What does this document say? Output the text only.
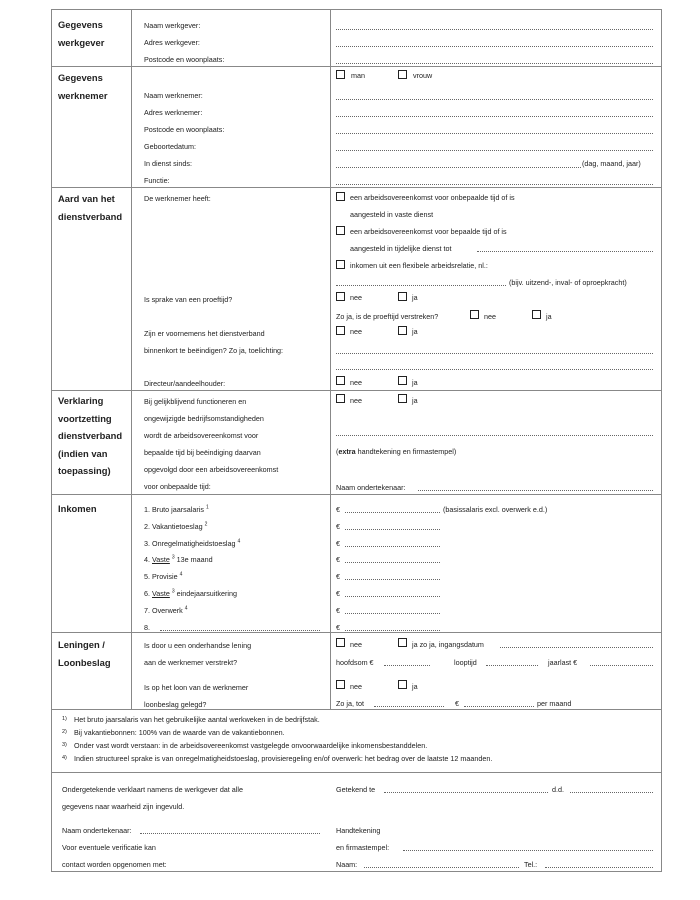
Gegevens werkgever
Naam werkgever:
Adres werkgever:
Postcode en woonplaats:
Gegevens werknemer
man	vrouw
Naam werknemer:
Adres werknemer:
Postcode en woonplaats:
Geboortedatum:
In dienst sinds:
Functie:
(dag, maand, jaar)
Aard van het dienstverband
De werknemer heeft:	een arbeidsovereenkomst voor onbepaalde tijd of is
aangesteld in vaste dienst
een arbeidsovereenkomst voor bepaalde tijd of is
aangesteld in tijdelijke dienst tot
inkomen uit een flexibele arbeidsrelatie, nl.:
(bijv. uitzend-, inval- of oproepkracht)
Is sprake van een proeftijd?	nee	ja
Zo ja, is de proeftijd verstreken?	nee	ja
Zijn er voornemens het dienstverband
binnenkort te beëindigen? Zo ja, toelichting:
nee	ja
Directeur/aandeelhouder:	nee	ja
Verklaring voortzetting dienstverband (indien van toepassing)
Bij gelijkblijvend functioneren en
ongewijzigde bedrijfsomstandigheden
wordt de arbeidsovereenkomst voor
bepaalde tijd bij beëindiging daarvan
opgevolgd door een arbeidsovereenkomst
voor onbepaalde tijd:
nee	ja
(extra handtekening en firmastempel)
Naam ondertekenaar:
Inkomen	1. Bruto jaarsalaris $^1$	€
2. Vakantietoeslag $^2$	€
3. Onregelmatigheidstoeslag $^4$	€
4. Vaste $^3$ 13e maand	€
5. Provisie $^4$	€
6. Vaste $^3$ eindejaarsuitkering	€
7. Overwerk $^4$	€
8.	€
(basissalaris excl. overwerk e.d.)
Leningen / Loonbeslag
Is door u een onderhandse lening
aan de werknemer verstrekt?
nee	ja zo ja, ingangsdatum
hoofdsom €	looptijd	jaarlast €
Is op het loon van de werknemer
loonbeslag gelegd?
nee	ja
Zo ja, tot	€	per maand
1) Het bruto jaarsalaris van het gebruikelijke aantal werkweken in de bedrijfstak.
2) Bij vakantiebonnen: 100% van de waarde van de vakantiebonnen.
3) Onder vast wordt verstaan: in de arbeidsovereenkomst vastgelegde onvoorwaardelijke inkomensbestanddelen.
4) Indien structureel sprake is van onregelmatigheidstoeslag, provisieregeling en/of overwerk: het bedrag over de laatste 12 maanden.
Ondergetekende verklaart namens de werkgever dat alle
gegevens naar waarheid zijn ingevuld.
Getekend te	d.d.
Naam ondertekenaar:	Handtekening
en firmastempel:
Voor eventuele verificatie kan
contact worden opgenomen met:	Naam:	Tel.:
